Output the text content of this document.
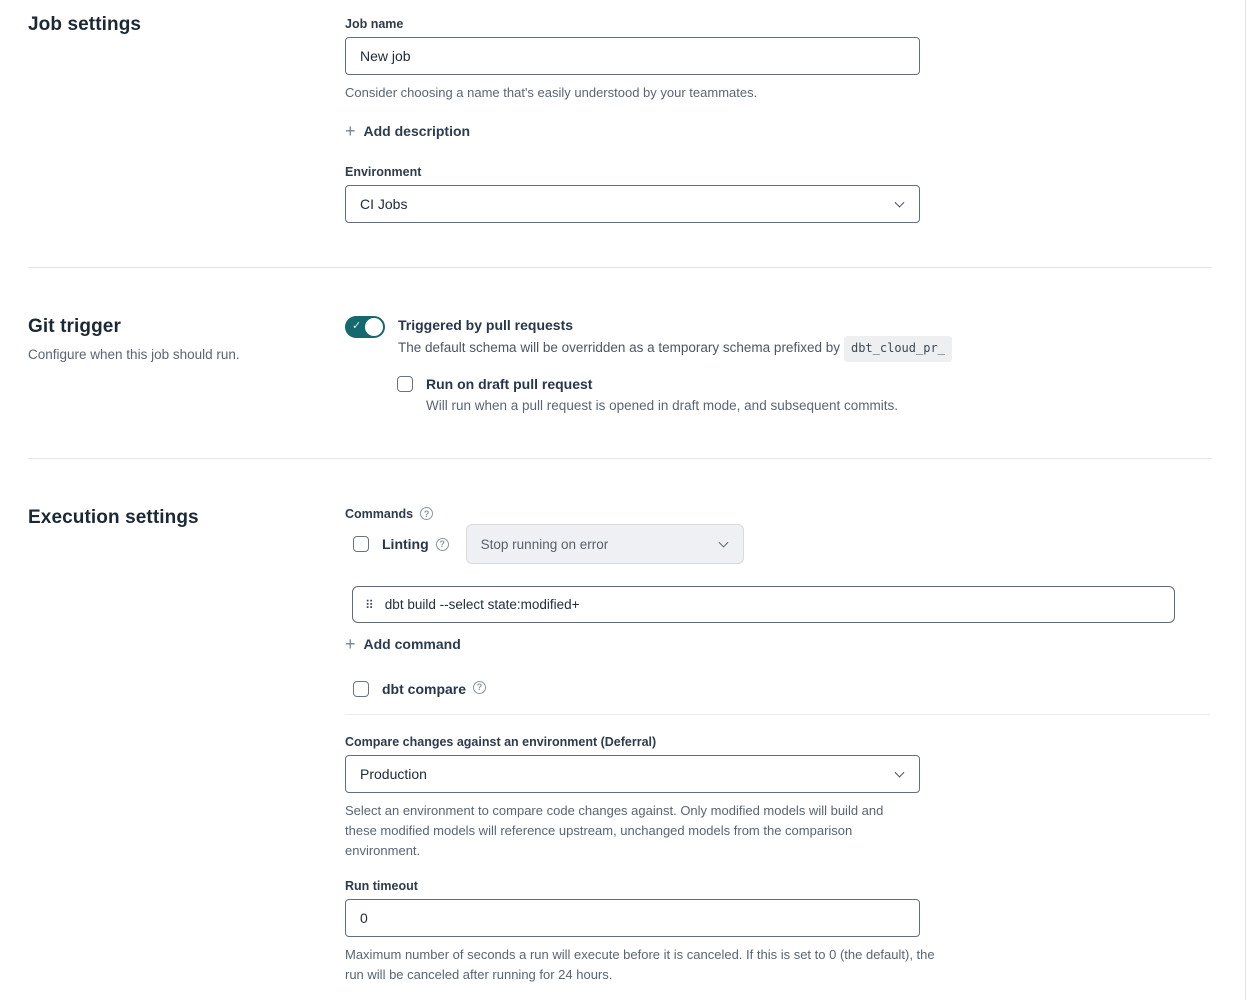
Job settings	Job name
New job
Consider choosing a name that's easily understood by your teammates.
+ Add description
Environment
CI Jobs
Git trigger
Configure when this job should run.
✓	Triggered by pull requests
The default schema will be overridden as a temporary schema prefixed by dbt_cloud_pr_
Run on draft pull request
Will run when a pull request is opened in draft mode, and subsequent commits.
Execution settings	Commands	?
Linting	?	Stop running on error
⠿
dbt build --select state:modified+
+ Add command
dbt compare	?
Compare changes against an environment (Deferral)
Production
Select an environment to compare code changes against. Only modified models will build and these modified models will reference upstream, unchanged models from the comparison environment.
Run timeout
0
Maximum number of seconds a run will execute before it is canceled. If this is set to 0 (the default), the run will be canceled after running for 24 hours.
